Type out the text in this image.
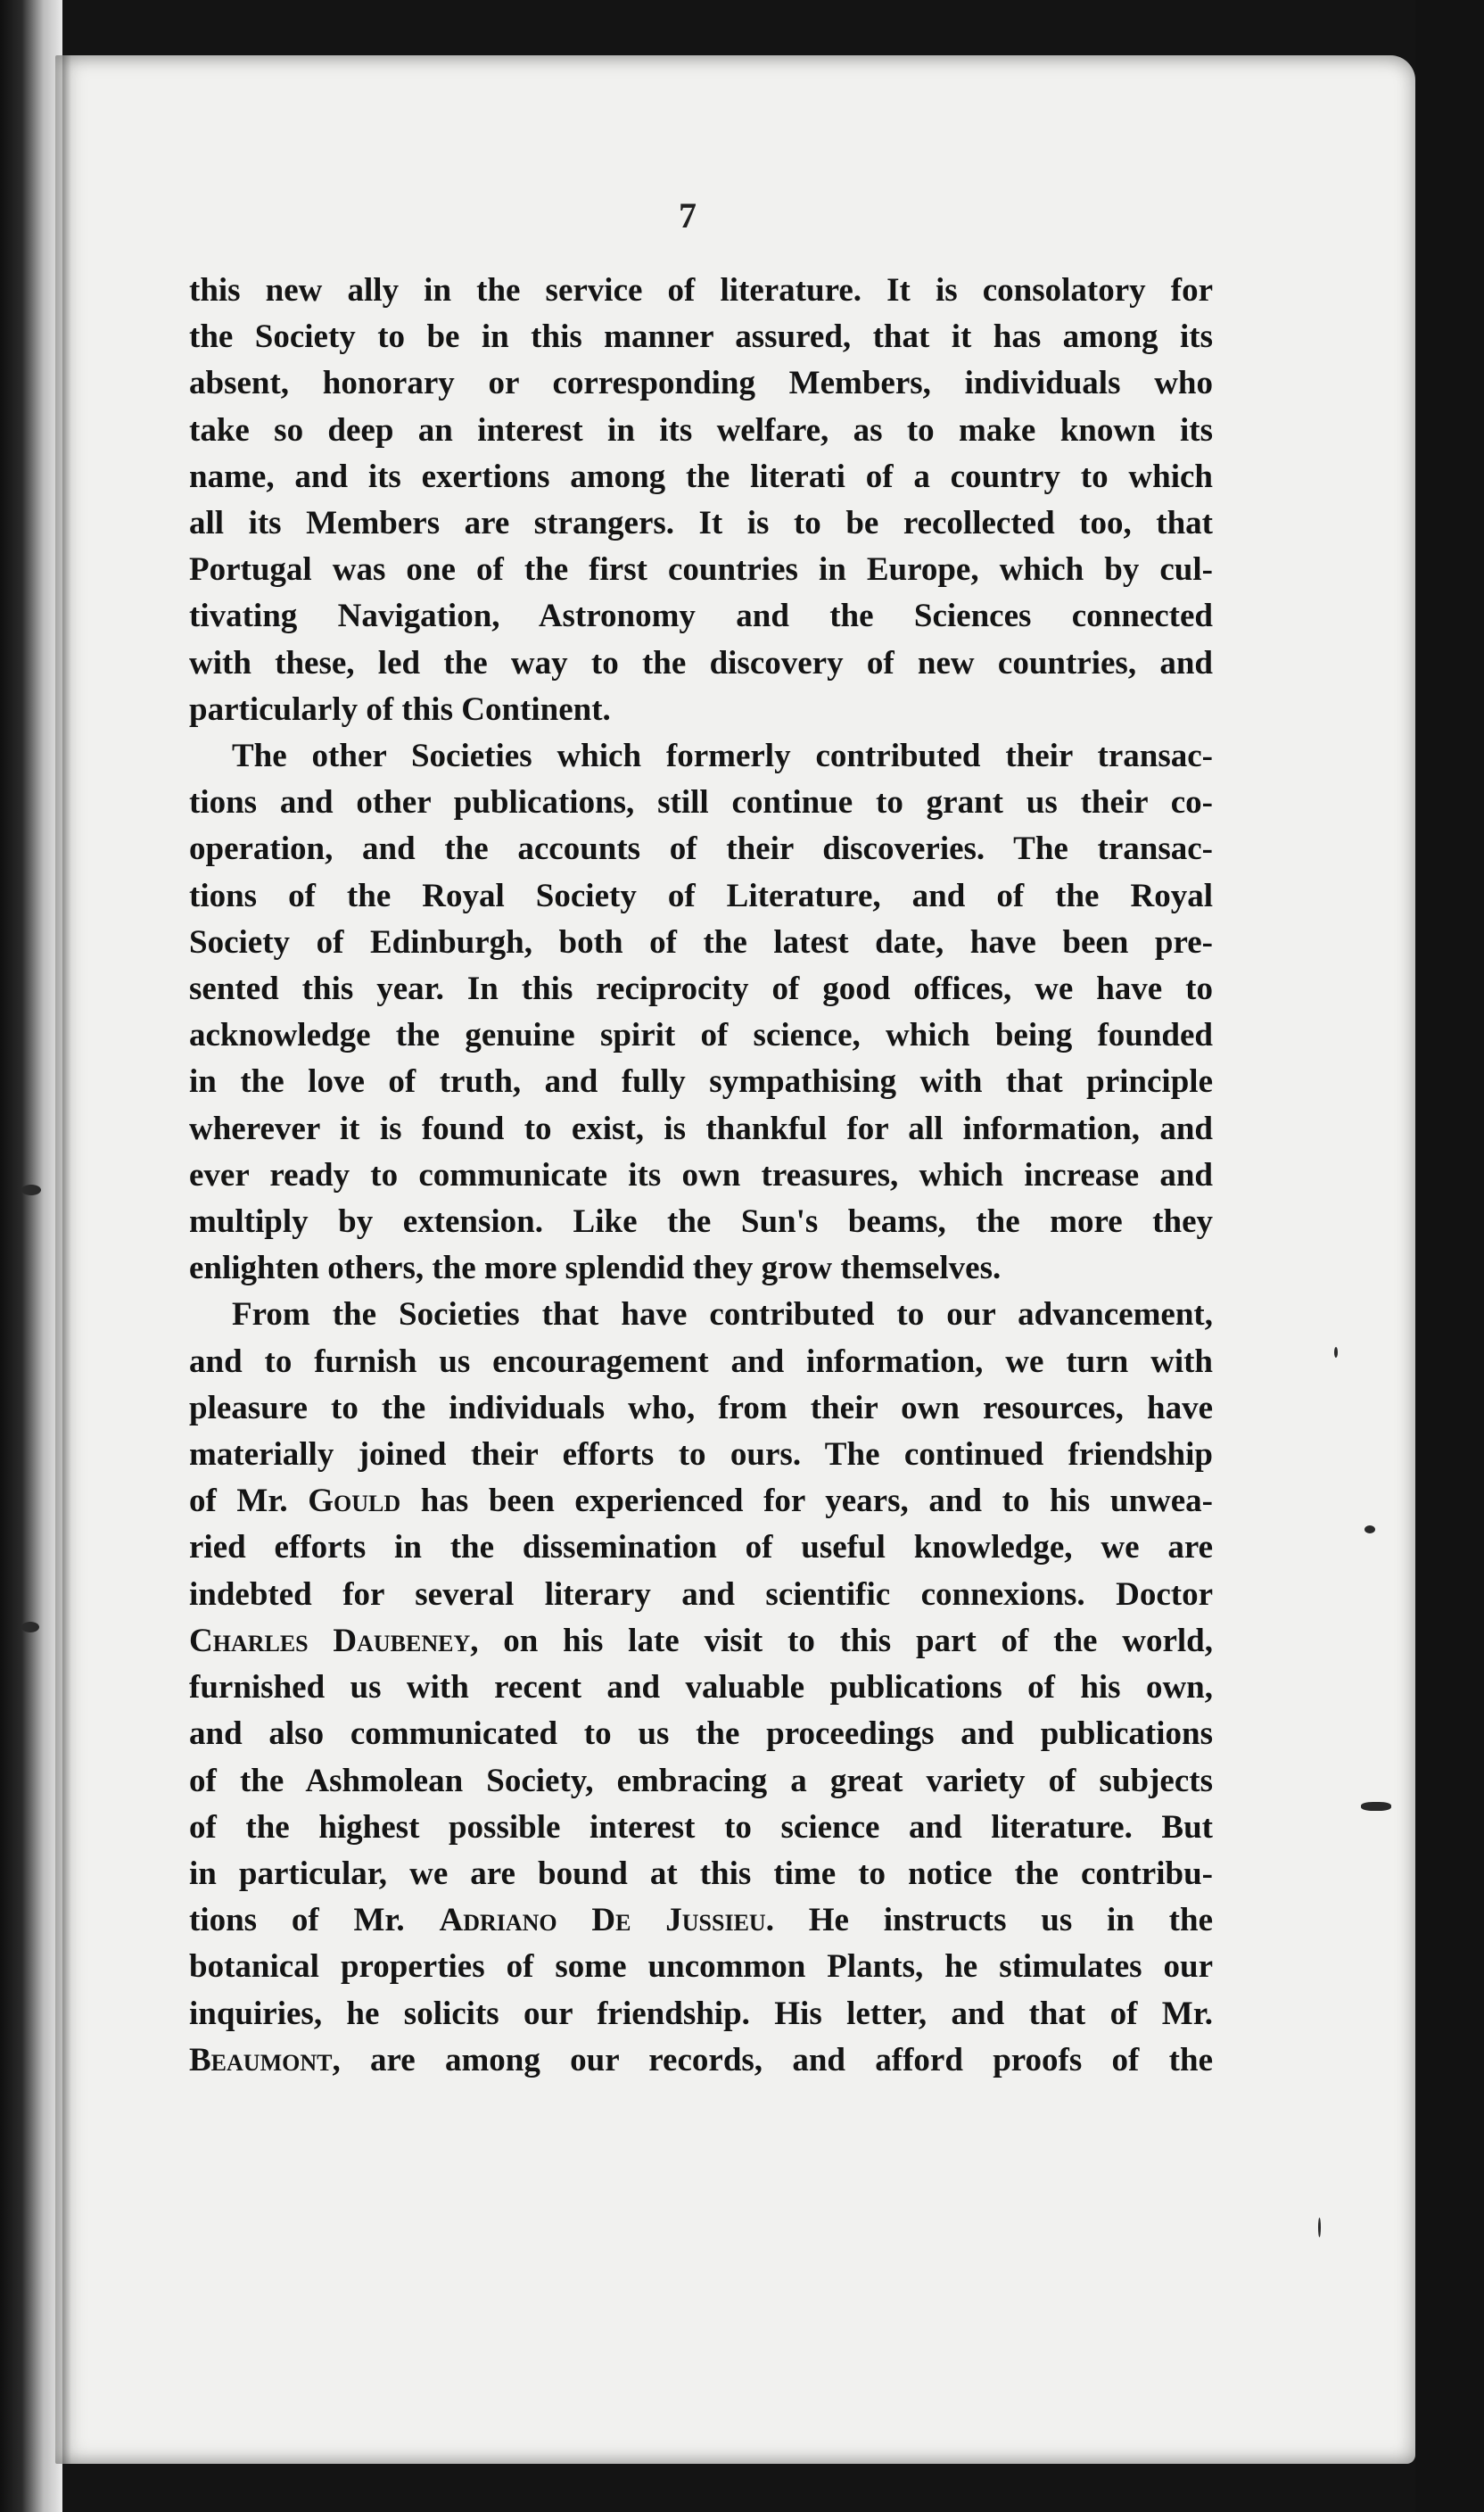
7
this new ally in the service of literature. It is consolatory for
the Society to be in this manner assured, that it has among its
absent, honorary or corresponding Members, individuals who
take so deep an interest in its welfare, as to make known its
name, and its exertions among the literati of a country to which
all its Members are strangers. It is to be recollected too, that
Portugal was one of the first countries in Europe, which by cul-
tivating Navigation, Astronomy and the Sciences connected
with these, led the way to the discovery of new countries, and
particularly of this Continent.
The other Societies which formerly contributed their transac-
tions and other publications, still continue to grant us their co-
operation, and the accounts of their discoveries. The transac-
tions of the Royal Society of Literature, and of the Royal
Society of Edinburgh, both of the latest date, have been pre-
sented this year. In this reciprocity of good offices, we have to
acknowledge the genuine spirit of science, which being founded
in the love of truth, and fully sympathising with that principle
wherever it is found to exist, is thankful for all information, and
ever ready to communicate its own treasures, which increase and
multiply by extension. Like the Sun's beams, the more they
enlighten others, the more splendid they grow themselves.
From the Societies that have contributed to our advancement,
and to furnish us encouragement and information, we turn with
pleasure to the individuals who, from their own resources, have
materially joined their efforts to ours. The continued friendship
of Mr. Gould has been experienced for years, and to his unwea-
ried efforts in the dissemination of useful knowledge, we are
indebted for several literary and scientific connexions. Doctor
Charles Daubeney, on his late visit to this part of the world,
furnished us with recent and valuable publications of his own,
and also communicated to us the proceedings and publications
of the Ashmolean Society, embracing a great variety of subjects
of the highest possible interest to science and literature. But
in particular, we are bound at this time to notice the contribu-
tions of Mr. Adriano De Jussieu. He instructs us in the
botanical properties of some uncommon Plants, he stimulates our
inquiries, he solicits our friendship. His letter, and that of Mr.
Beaumont, are among our records, and afford proofs of the
